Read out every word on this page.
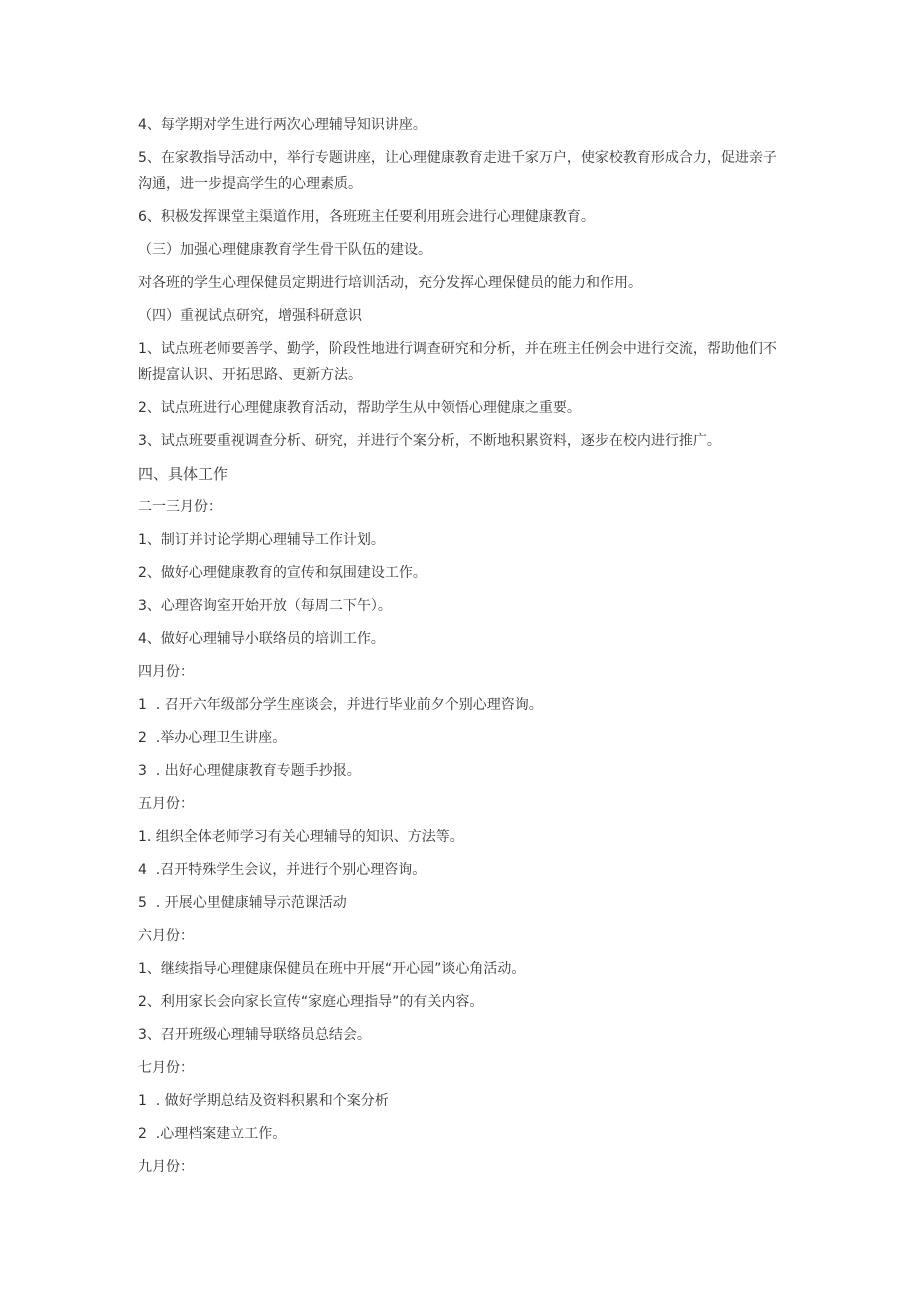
4、每学期对学生进行两次心理辅导知识讲座。

5、在家教指导活动中，举行专题讲座，让心理健康教育走进千家万户，使家校教育形成合力，促进亲子沟通，进一步提高学生的心理素质。

6、积极发挥课堂主渠道作用，各班班主任要利用班会进行心理健康教育。

（三）加强心理健康教育学生骨干队伍的建设。

对各班的学生心理保健员定期进行培训活动，充分发挥心理保健员的能力和作用。

（四）重视试点研究，增强科研意识

1、试点班老师要善学、勤学，阶段性地进行调查研究和分析，并在班主任例会中进行交流，帮助他们不断提富认识、开拓思路、更新方法。

2、试点班进行心理健康教育活动，帮助学生从中领悟心理健康之重要。

3、试点班要重视调查分析、研究，并进行个案分析，不断地积累资料，逐步在校内进行推广。

四、具体工作

二一三月份：

1、制订并讨论学期心理辅导工作计划。

2、做好心理健康教育的宣传和氛围建设工作。

3、心理咨询室开始开放（每周二下午）。

4、做好心理辅导小联络员的培训工作。

四月份：

1  . 召开六年级部分学生座谈会，并进行毕业前夕个别心理咨询。

2  .举办心理卫生讲座。

3  . 出好心理健康教育专题手抄报。

五月份：

1. 组织全体老师学习有关心理辅导的知识、方法等。

4  .召开特殊学生会议，并进行个别心理咨询。

5  . 开展心里健康辅导示范课活动

六月份：

1、继续指导心理健康保健员在班中开展“开心园”谈心角活动。

2、利用家长会向家长宣传“家庭心理指导”的有关内容。

3、召开班级心理辅导联络员总结会。

七月份：

1  . 做好学期总结及资料积累和个案分析

2  .心理档案建立工作。

九月份：
